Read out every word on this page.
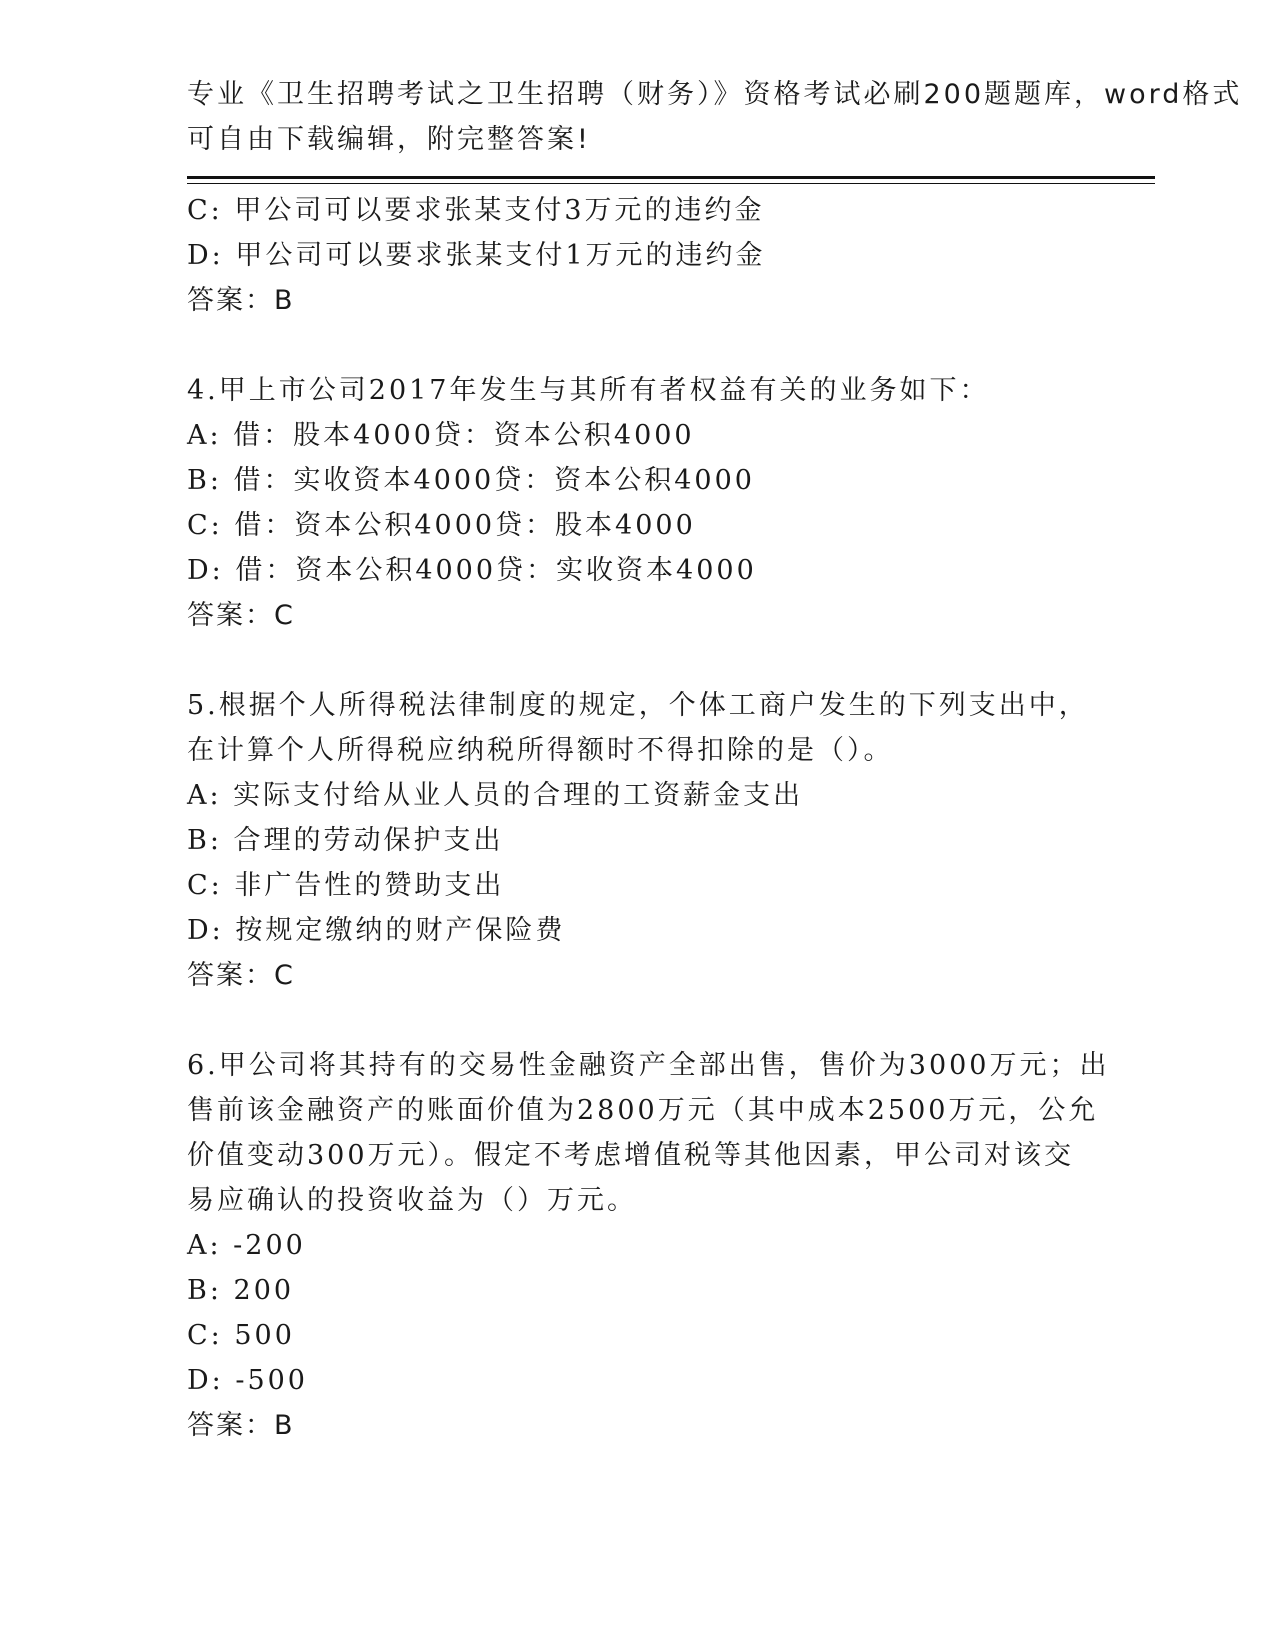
专业《卫生招聘考试之卫生招聘（财务）》资格考试必刷200题题库，word格式
可自由下载编辑，附完整答案!
C: 甲公司可以要求张某支付3万元的违约金
D: 甲公司可以要求张某支付1万元的违约金
答案：B
4.甲上市公司2017年发生与其所有者权益有关的业务如下：
A: 借：股本4000贷：资本公积4000
B: 借：实收资本4000贷：资本公积4000
C: 借：资本公积4000贷：股本4000
D: 借：资本公积4000贷：实收资本4000
答案：C
5.根据个人所得税法律制度的规定，个体工商户发生的下列支出中，
在计算个人所得税应纳税所得额时不得扣除的是（）。
A: 实际支付给从业人员的合理的工资薪金支出
B: 合理的劳动保护支出
C: 非广告性的赞助支出
D: 按规定缴纳的财产保险费
答案：C
6.甲公司将其持有的交易性金融资产全部出售，售价为3000万元；出
售前该金融资产的账面价值为2800万元（其中成本2500万元，公允
价值变动300万元）。假定不考虑增值税等其他因素，甲公司对该交
易应确认的投资收益为（）万元。
A: -200
B: 200
C: 500
D: -500
答案：B
